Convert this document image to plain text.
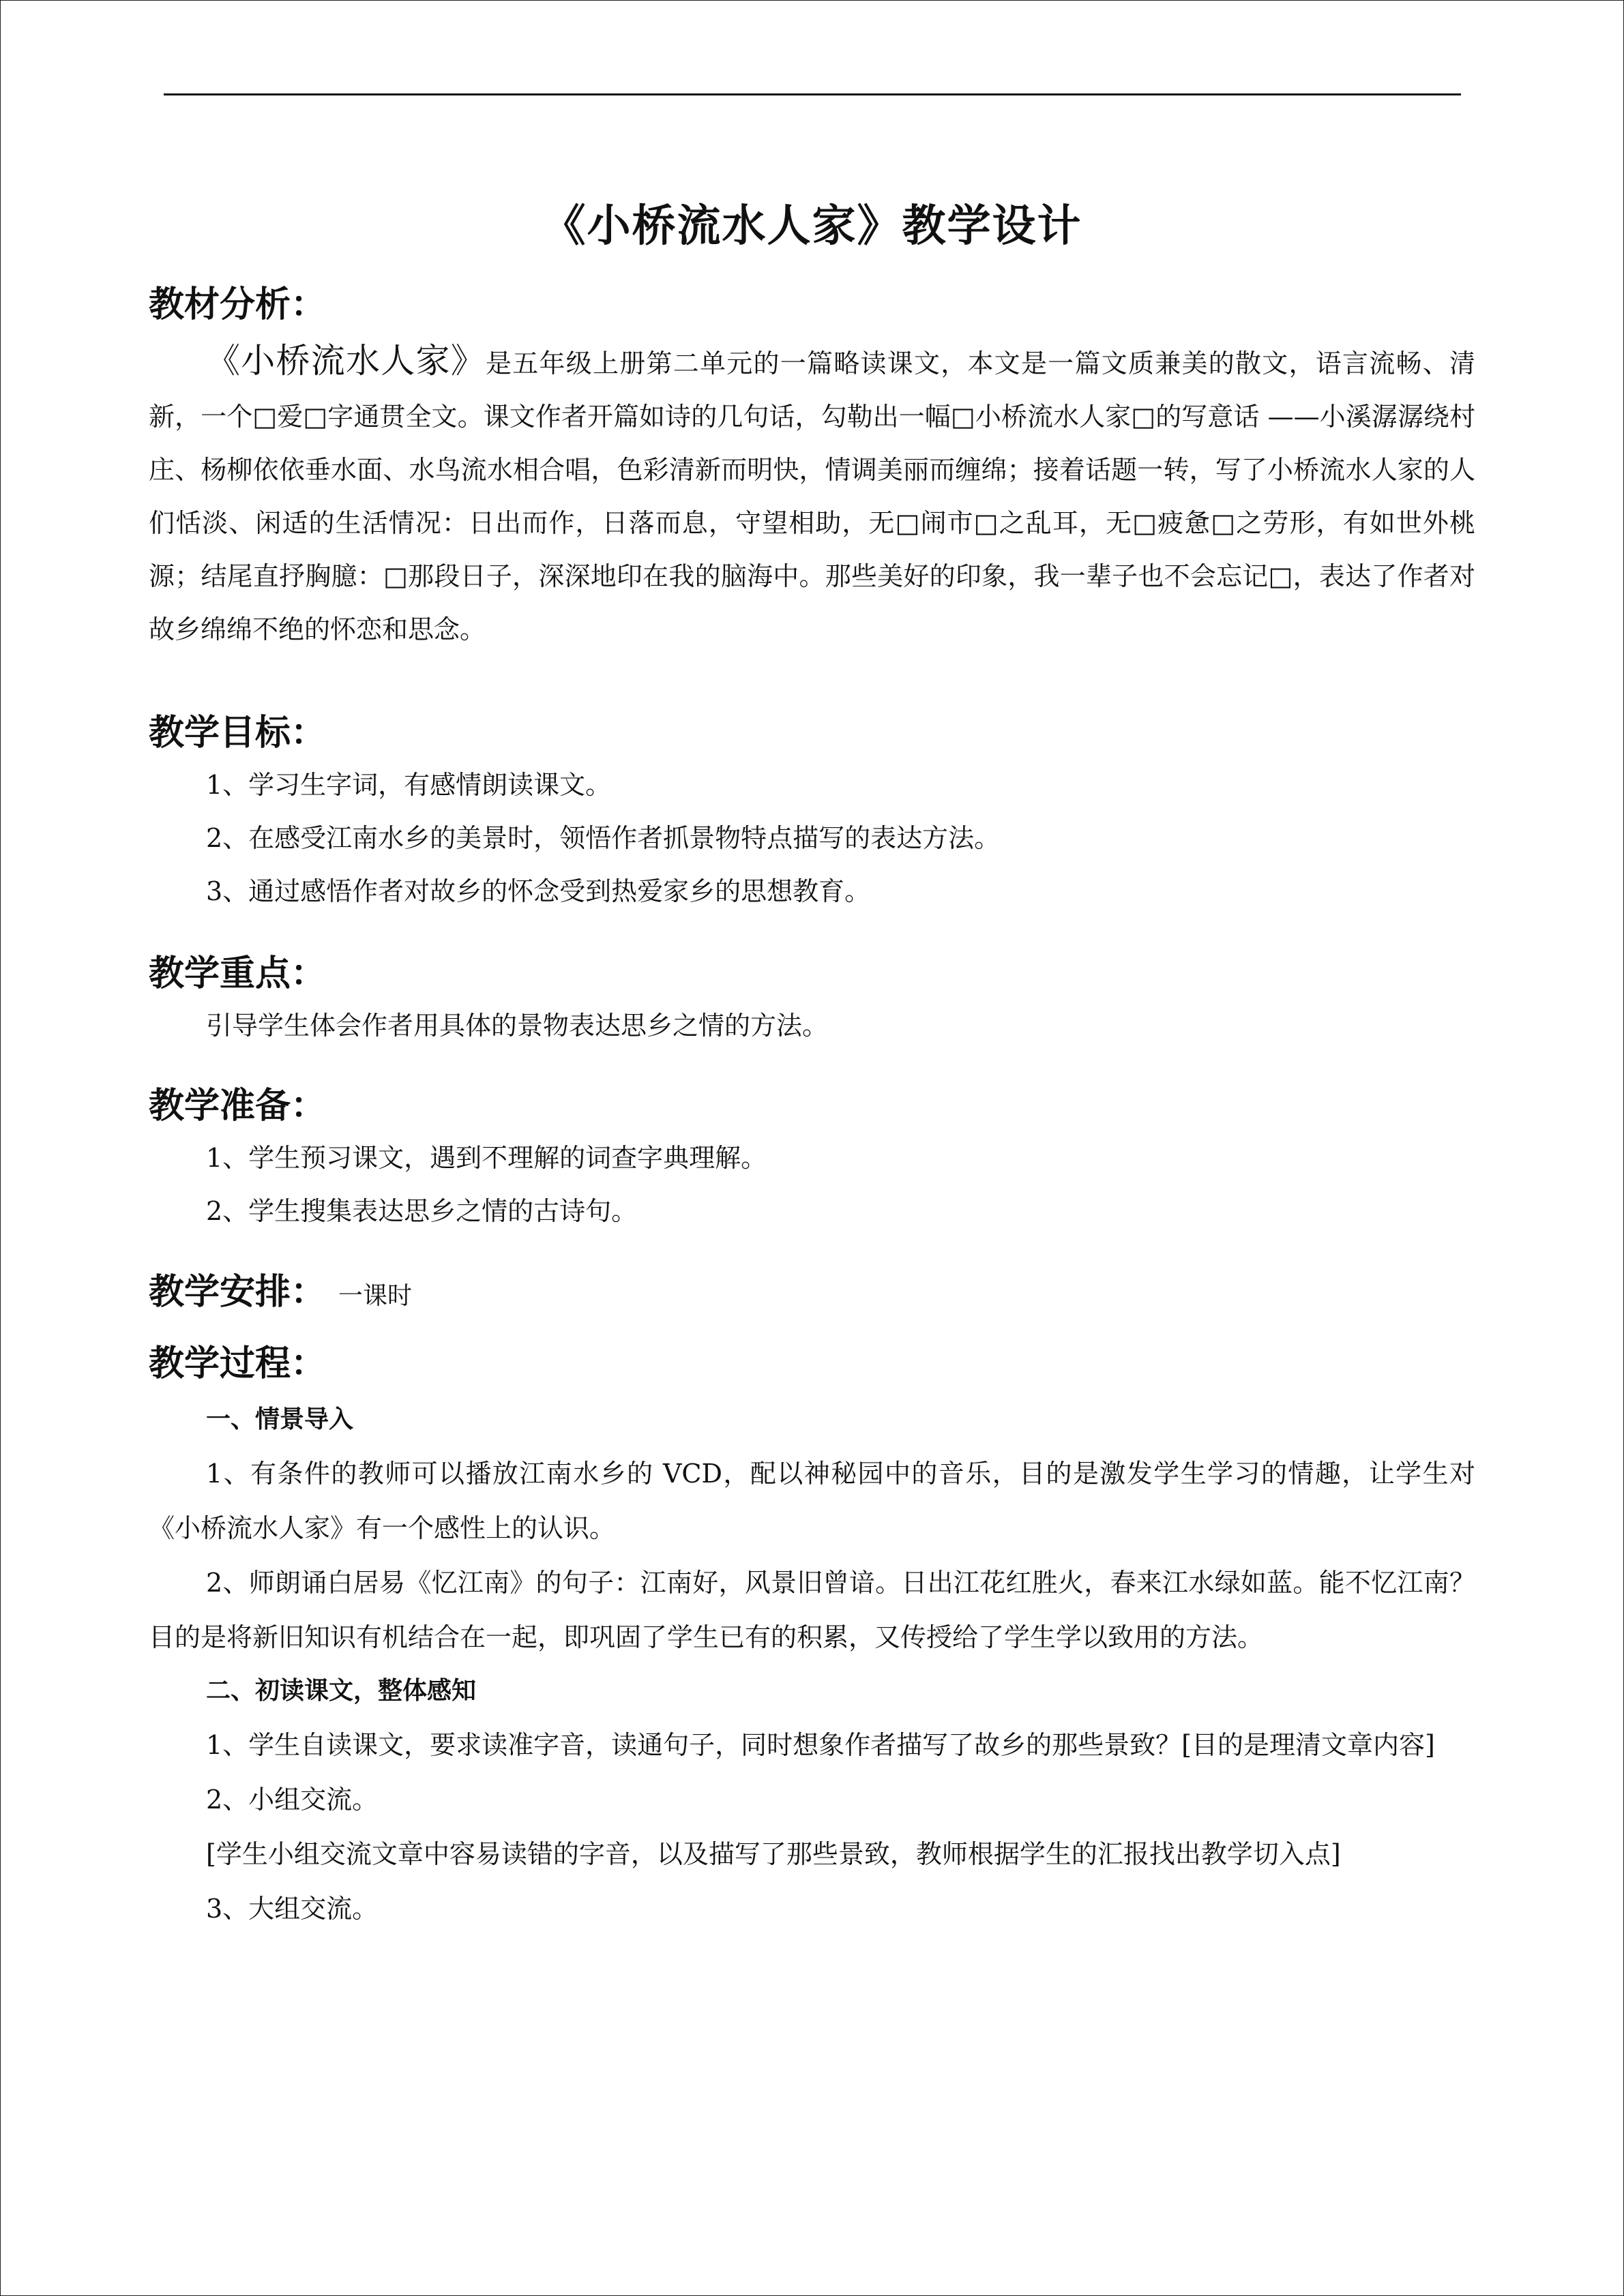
《小桥流水人家》教学设计

教材分析：

《小桥流水人家》是五年级上册第二单元的一篇略读课文，本文是一篇文质兼美的散文，语言流畅、清新，一个□爱□字通贯全文。课文作者开篇如诗的几句话，勾勒出一幅□小桥流水人家□的写意话 ——小溪潺潺绕村庄、杨柳依依垂水面、水鸟流水相合唱，色彩清新而明快，情调美丽而缠绵；接着话题一转，写了小桥流水人家的人们恬淡、闲适的生活情况：日出而作，日落而息，守望相助，无□闹市□之乱耳，无□疲惫□之劳形，有如世外桃源；结尾直抒胸臆：□那段日子，深深地印在我的脑海中。那些美好的印象，我一辈子也不会忘记□，表达了作者对故乡绵绵不绝的怀恋和思念。

教学目标：

1、学习生字词，有感情朗读课文。

2、在感受江南水乡的美景时，领悟作者抓景物特点描写的表达方法。

3、通过感悟作者对故乡的怀念受到热爱家乡的思想教育。

教学重点：

引导学生体会作者用具体的景物表达思乡之情的方法。

教学准备：

1、学生预习课文，遇到不理解的词查字典理解。

2、学生搜集表达思乡之情的古诗句。

教学安排： 一课时

教学过程：

一、情景导入

1、有条件的教师可以播放江南水乡的 VCD，配以神秘园中的音乐，目的是激发学生学习的情趣，让学生对《小桥流水人家》有一个感性上的认识。

2、师朗诵白居易《忆江南》的句子：江南好，风景旧曾谙。日出江花红胜火，春来江水绿如蓝。能不忆江南？目的是将新旧知识有机结合在一起，即巩固了学生已有的积累，又传授给了学生学以致用的方法。

二、初读课文，整体感知

1、学生自读课文，要求读准字音，读通句子，同时想象作者描写了故乡的那些景致？[目的是理清文章内容]

2、小组交流。

[学生小组交流文章中容易读错的字音，以及描写了那些景致，教师根据学生的汇报找出教学切入点]

3、大组交流。
